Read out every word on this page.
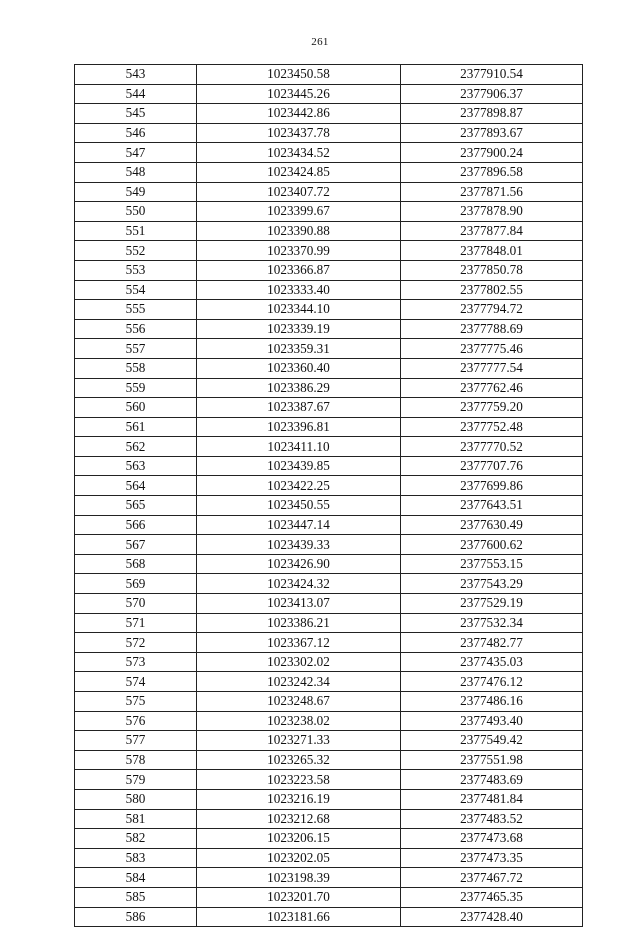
261
543	1023450.58	2377910.54
544	1023445.26	2377906.37
545	1023442.86	2377898.87
546	1023437.78	2377893.67
547	1023434.52	2377900.24
548	1023424.85	2377896.58
549	1023407.72	2377871.56
550	1023399.67	2377878.90
551	1023390.88	2377877.84
552	1023370.99	2377848.01
553	1023366.87	2377850.78
554	1023333.40	2377802.55
555	1023344.10	2377794.72
556	1023339.19	2377788.69
557	1023359.31	2377775.46
558	1023360.40	2377777.54
559	1023386.29	2377762.46
560	1023387.67	2377759.20
561	1023396.81	2377752.48
562	1023411.10	2377770.52
563	1023439.85	2377707.76
564	1023422.25	2377699.86
565	1023450.55	2377643.51
566	1023447.14	2377630.49
567	1023439.33	2377600.62
568	1023426.90	2377553.15
569	1023424.32	2377543.29
570	1023413.07	2377529.19
571	1023386.21	2377532.34
572	1023367.12	2377482.77
573	1023302.02	2377435.03
574	1023242.34	2377476.12
575	1023248.67	2377486.16
576	1023238.02	2377493.40
577	1023271.33	2377549.42
578	1023265.32	2377551.98
579	1023223.58	2377483.69
580	1023216.19	2377481.84
581	1023212.68	2377483.52
582	1023206.15	2377473.68
583	1023202.05	2377473.35
584	1023198.39	2377467.72
585	1023201.70	2377465.35
586	1023181.66	2377428.40
